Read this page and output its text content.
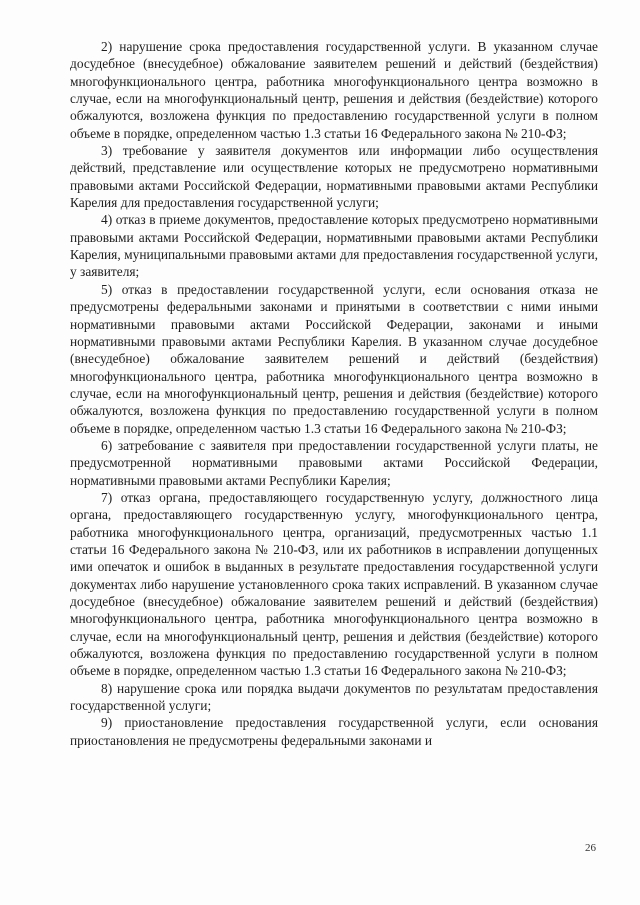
2) нарушение срока предоставления государственной услуги. В указанном случае досудебное (внесудебное) обжалование заявителем решений и действий (бездействия) многофункционального центра, работника многофункционального центра возможно в случае, если на многофункциональный центр, решения и действия (бездействие) которого обжалуются, возложена функция по предоставлению государственной услуги в полном объеме в порядке, определенном частью 1.3 статьи 16 Федерального закона № 210-ФЗ;

3) требование у заявителя документов или информации либо осуществления действий, представление или осуществление которых не предусмотрено нормативными правовыми актами Российской Федерации, нормативными правовыми актами Республики Карелия для предоставления государственной услуги;

4) отказ в приеме документов, предоставление которых предусмотрено нормативными правовыми актами Российской Федерации, нормативными правовыми актами Республики Карелия, муниципальными правовыми актами для предоставления государственной услуги, у заявителя;

5) отказ в предоставлении государственной услуги, если основания отказа не предусмотрены федеральными законами и принятыми в соответствии с ними иными нормативными правовыми актами Российской Федерации, законами и иными нормативными правовыми актами Республики Карелия. В указанном случае досудебное (внесудебное) обжалование заявителем решений и действий (бездействия) многофункционального центра, работника многофункционального центра возможно в случае, если на многофункциональный центр, решения и действия (бездействие) которого обжалуются, возложена функция по предоставлению государственной услуги в полном объеме в порядке, определенном частью 1.3 статьи 16 Федерального закона № 210-ФЗ;

6) затребование с заявителя при предоставлении государственной услуги платы, не предусмотренной нормативными правовыми актами Российской Федерации, нормативными правовыми актами Республики Карелия;

7) отказ органа, предоставляющего государственную услугу, должностного лица органа, предоставляющего государственную услугу, многофункционального центра, работника многофункционального центра, организаций, предусмотренных частью 1.1 статьи 16 Федерального закона № 210-ФЗ, или их работников в исправлении допущенных ими опечаток и ошибок в выданных в результате предоставления государственной услуги документах либо нарушение установленного срока таких исправлений. В указанном случае досудебное (внесудебное) обжалование заявителем решений и действий (бездействия) многофункционального центра, работника многофункционального центра возможно в случае, если на многофункциональный центр, решения и действия (бездействие) которого обжалуются, возложена функция по предоставлению государственной услуги в полном объеме в порядке, определенном частью 1.3 статьи 16 Федерального закона № 210-ФЗ;

8) нарушение срока или порядка выдачи документов по результатам предоставления государственной услуги;

9) приостановление предоставления государственной услуги, если основания приостановления не предусмотрены федеральными законами и

26
